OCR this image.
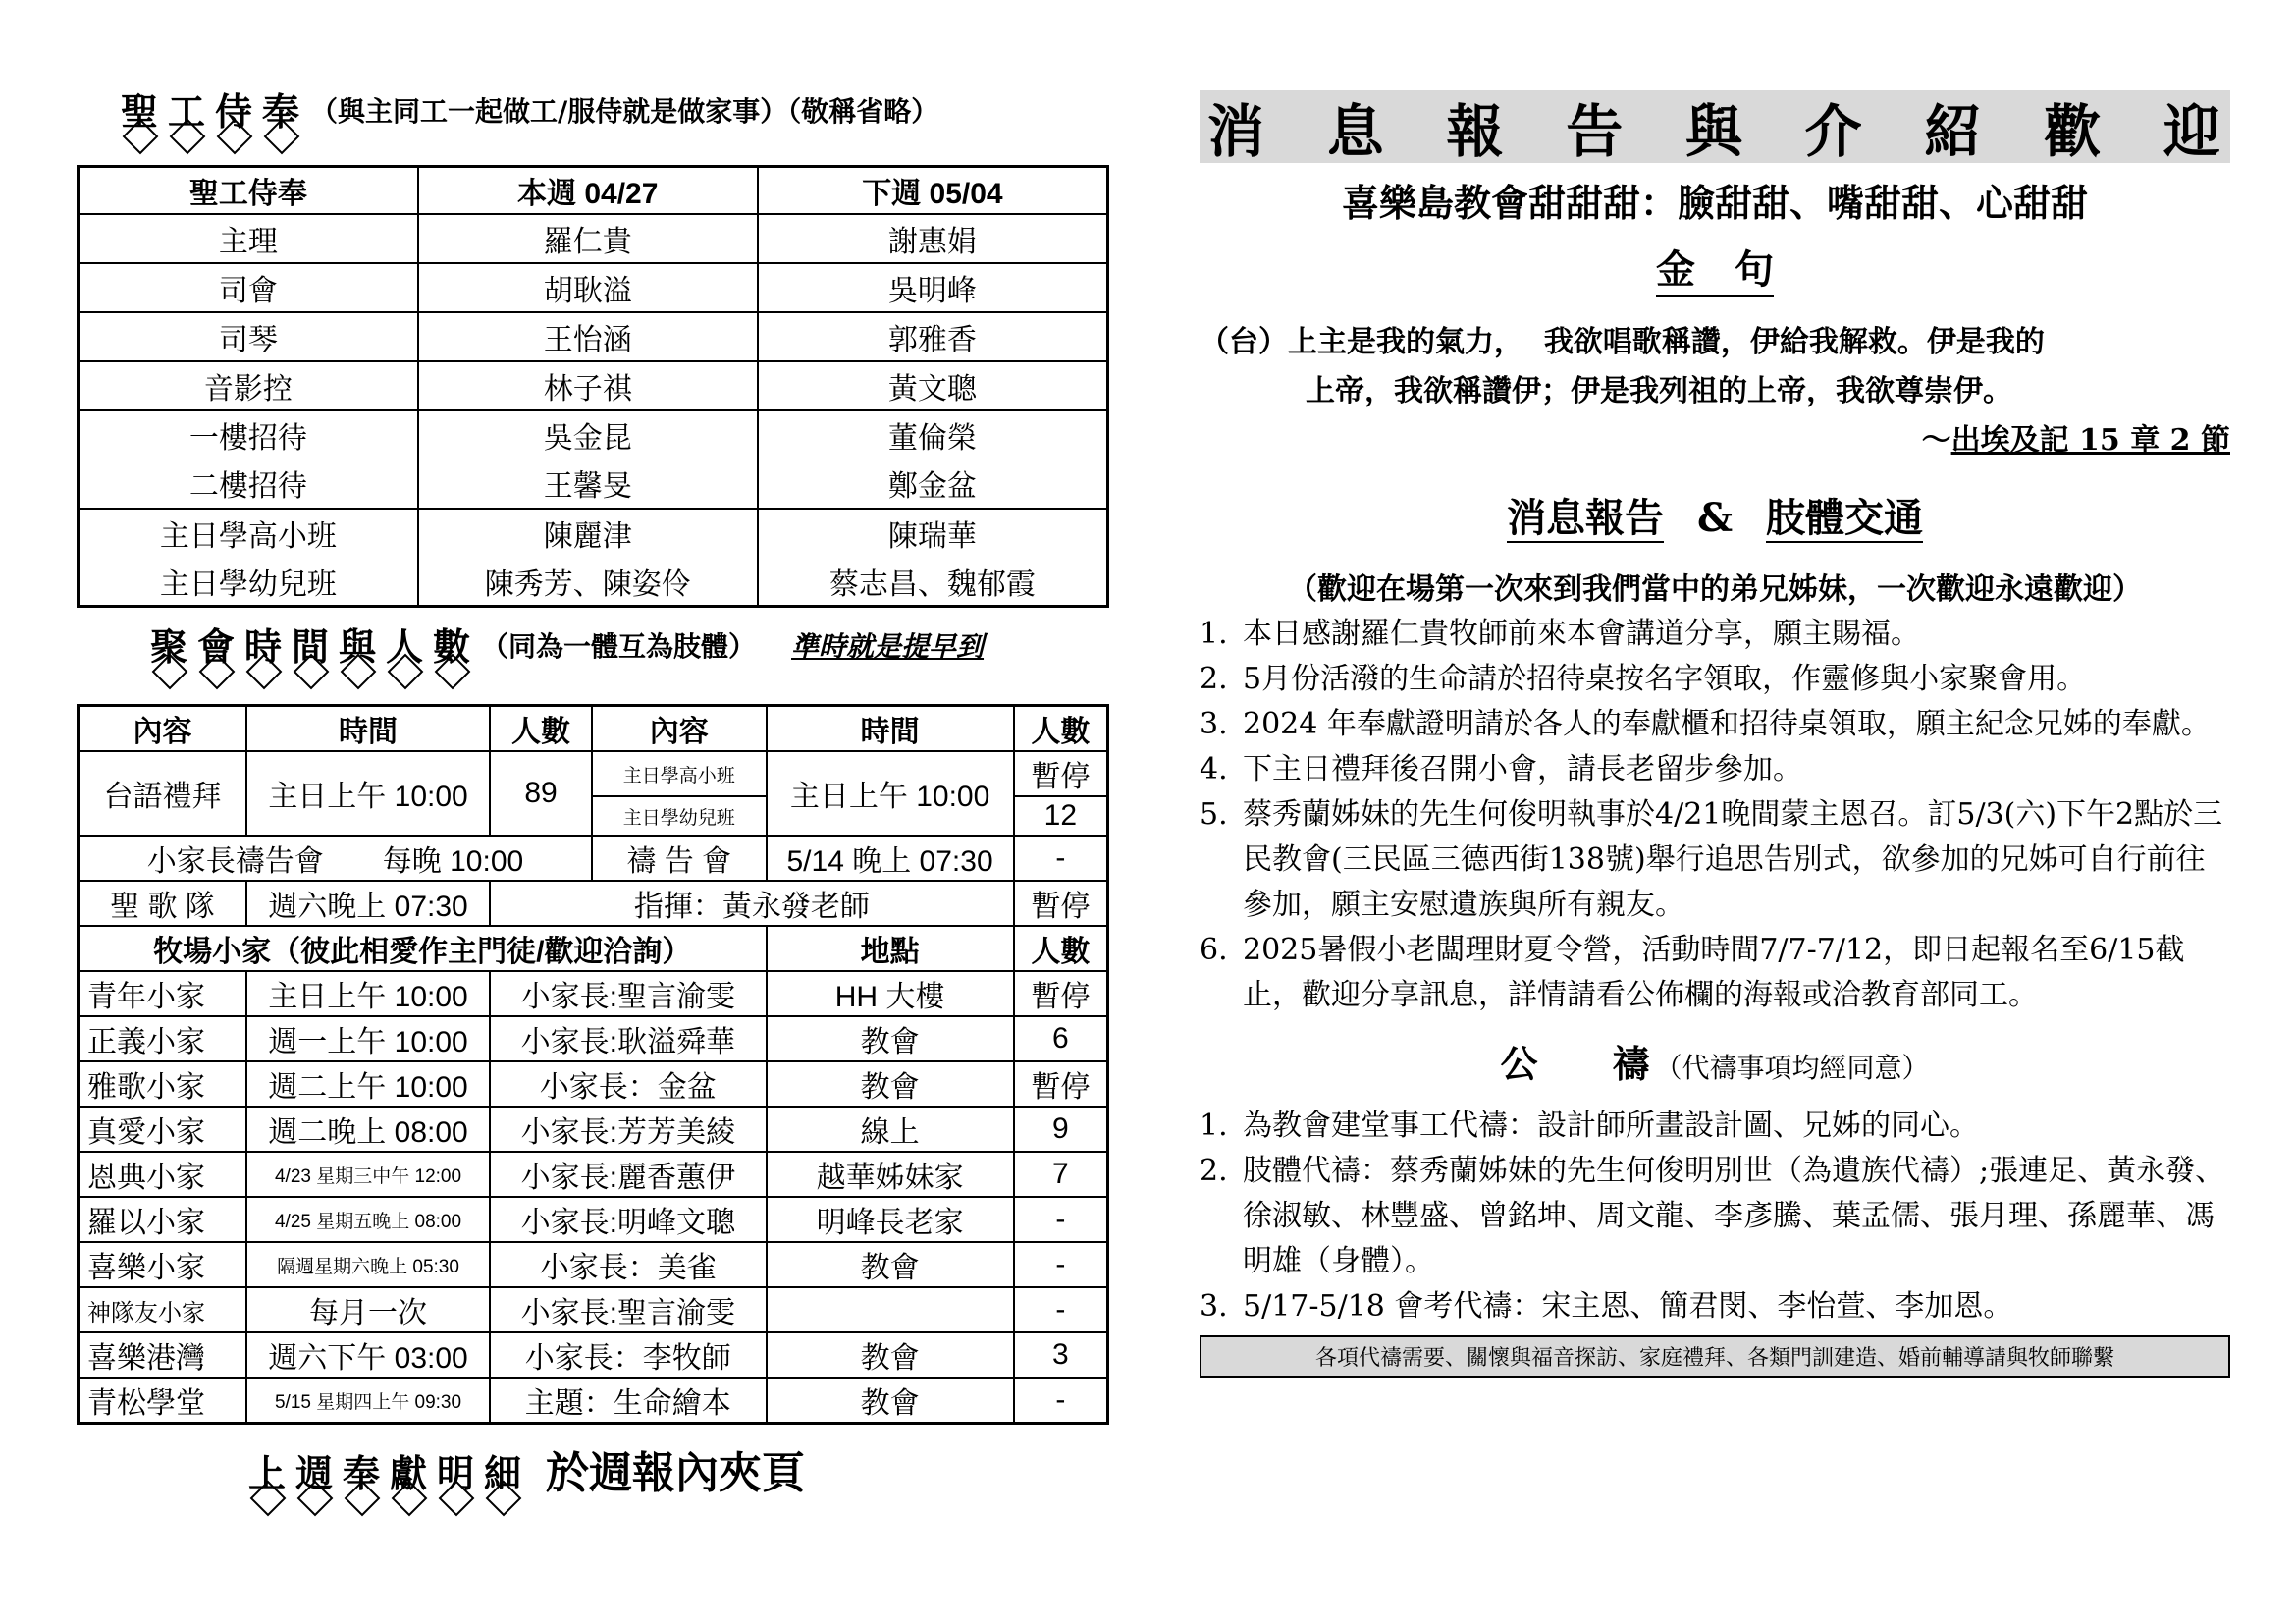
聖 工 侍 奉 （與主同工一起做工/服侍就是做家事）（敬稱省略）
聖工侍奉	本週 04/27	下週 05/04
主理	羅仁貴	謝惠娟
司會	胡耿溢	吳明峰
司琴	王怡涵	郭雅香
音影控	林子祺	黃文聰
一樓招待	吳金昆	董倫榮
二樓招待	王馨旻	鄭金盆
主日學高小班	陳麗津	陳瑞華
主日學幼兒班	陳秀芳、陳姿伶	蔡志昌、魏郁霞
聚 會 時 間 與 人 數 （同為一體互為肢體） 準時就是提早到
內容	時間	人數	內容	時間	人數
台語禮拜	主日上午 10:00	89	主日學高小班	主日上午 10:00	暫停
			主日學幼兒班		12
小家長禱告會　　每晚 10:00			禱 告 會	5/14 晚上 07:30	-
聖 歌 隊	週六晚上 07:30	指揮：黃永發老師			暫停
牧場小家（彼此相愛作主門徒/歡迎洽詢）				地點	人數
青年小家	主日上午 10:00	小家長:聖言渝雯		HH 大樓	暫停
正義小家	週一上午 10:00	小家長:耿溢舜華		教會	6
雅歌小家	週二上午 10:00	小家長：金盆		教會	暫停
真愛小家	週二晚上 08:00	小家長:芳芳美綾		線上	9
恩典小家	4/23 星期三中午 12:00	小家長:麗香蕙伊		越華姊妹家	7
羅以小家	4/25 星期五晚上 08:00	小家長:明峰文聰		明峰長老家	-
喜樂小家	隔週星期六晚上 05:30	小家長：美雀		教會	-
神隊友小家	每月一次	小家長:聖言渝雯			-
喜樂港灣	週六下午 03:00	小家長：李牧師		教會	3
青松學堂	5/15 星期四上午 09:30	主題：生命繪本		教會	-
上 週 奉 獻 明 細 於週報內夾頁
消 息 報 告 與 介 紹 歡 迎
喜樂島教會甜甜甜：臉甜甜、嘴甜甜、心甜甜
金　句
（台）上主是我的氣力，  我欲唱歌稱讚，伊給我解救。伊是我的
上帝，我欲稱讚伊；伊是我列祖的上帝，我欲尊崇伊。
～出埃及記 15 章 2 節
消息報告 & 肢體交通
（歡迎在場第一次來到我們當中的弟兄姊妹，一次歡迎永遠歡迎）
1. 本日感謝羅仁貴牧師前來本會講道分享，願主賜福。
2. 5月份活潑的生命請於招待桌按名字領取，作靈修與小家聚會用。
3. 2024 年奉獻證明請於各人的奉獻櫃和招待桌領取，願主紀念兄姊的奉獻。
4. 下主日禮拜後召開小會，請長老留步參加。
5. 蔡秀蘭姊妹的先生何俊明執事於4/21晚間蒙主恩召。訂5/3(六)下午2點於三民教會(三民區三德西街138號)舉行追思告別式，欲參加的兄姊可自行前往參加，願主安慰遺族與所有親友。
6. 2025暑假小老闆理財夏令營，活動時間7/7-7/12，即日起報名至6/15截止，歡迎分享訊息，詳情請看公佈欄的海報或洽教育部同工。
公　　禱 （代禱事項均經同意）
1. 為教會建堂事工代禱：設計師所畫設計圖、兄姊的同心。
2. 肢體代禱：蔡秀蘭姊妹的先生何俊明別世（為遺族代禱）;張連足、黃永發、徐淑敏、林豐盛、曾銘坤、周文龍、李彥騰、葉孟儒、張月理、孫麗華、馮明雄（身體）。
3. 5/17-5/18 會考代禱：宋主恩、簡君閔、李怡萱、李加恩。
各項代禱需要、關懷與福音探訪、家庭禮拜、各類門訓建造、婚前輔導請與牧師聯繫
